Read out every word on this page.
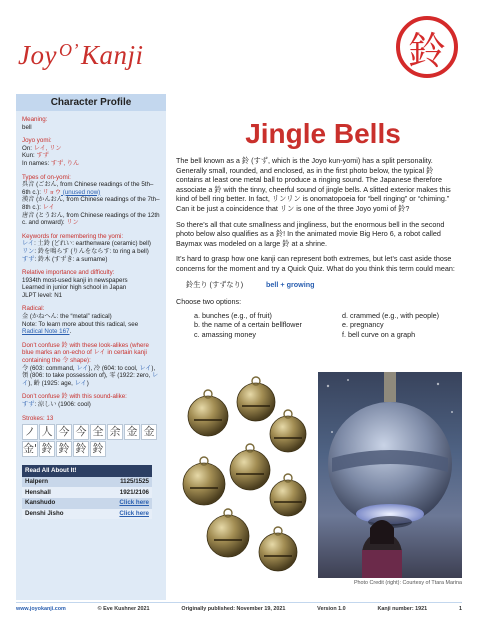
Joy $^{O’}$Kanji	鈴
Character Profile
Meaning:
bell
Joyo yomi:
On: レイ, リン
Kun: すず
In names: すず, りん
Types of on-yomi:
呉音 (ごおん, from Chinese readings of the 5th–6th c.): リョウ (unused now)
漢音 (かんおん, from Chinese readings of the 7th–8th c.): レイ
唐音 (とうおん, from Chinese readings of the 12th c. and onward): リン
Keywords for remembering the yomi:
レイ: 土鈴 (どれい: earthenware (ceramic) bell)
リン: 鈴を鳴らす (りんをならす: to ring a bell)
すず: 鈴木 (すずき: a surname)
Relative importance and difficulty:
1934th most-used kanji in newspapers
Learned in junior high school in Japan
JLPT level: N1
Radical:
金 (かねへん: the “metal” radical)
Note: To learn more about this radical, see Radical Note 167.
Don’t confuse 鈴 with these look-alikes (where blue marks an on-echo of レイ in certain kanji containing the 令 shape):
令 (603: command, レイ), 冷 (604: to cool, レイ), 領 (806: to take possession of), 零 (1922: zero, レイ), 齢 (1925: age, レイ)
Don’t confuse 鈴 with this sound-alike:
すず: 涼しい (1906: cool)
Strokes: 13
ノ 人 今 今 全 余 金 金
金' 鈴 鈴 鈴 鈴
Read All About It!	
Halpern	1125/1525
Henshall	1921/2106
Kanshudo	Click here
Denshi Jisho	Click here
Jingle Bells

The bell known as a 鈴 (すず, which is the Joyo kun-yomi) has a split personality. Generally small, rounded, and enclosed, as in the first photo below, the typical 鈴 contains at least one metal ball to produce a ringing sound. The Japanese therefore associate a 鈴 with the tinny, cheerful sound of jingle bells. A slitted exterior makes this kind of bell ring better. In fact, リンリン is onomatopoeia for “bell ringing” or “chiming.” Can it be just a coincidence that リン is one of the three Joyo yomi of 鈴?

So there’s all that cute smallness and jingliness, but the enormous bell in the second photo below also qualifies as a 鈴! In the animated movie Big Hero 6, a robot called Baymax was modeled on a large 鈴 at a shrine.

It’s hard to grasp how one kanji can represent both extremes, but let’s cast aside those concerns for the moment and try a Quick Quiz. What do you think this term could mean:

鈴生り (すずなり)	bell + growing
Choose two options:
a. bunches (e.g., of fruit)	d. crammed (e.g., with people)
b. the name of a certain bellflower	e. pregnancy
c. amassing money	f. bell curve on a graph
Photo Credit (right): Courtesy of Ttara Marina
www.joyokanji.com	© Eve Kushner 2021	Originally published: November 19, 2021	Version 1.0	Kanji number: 1921	1
